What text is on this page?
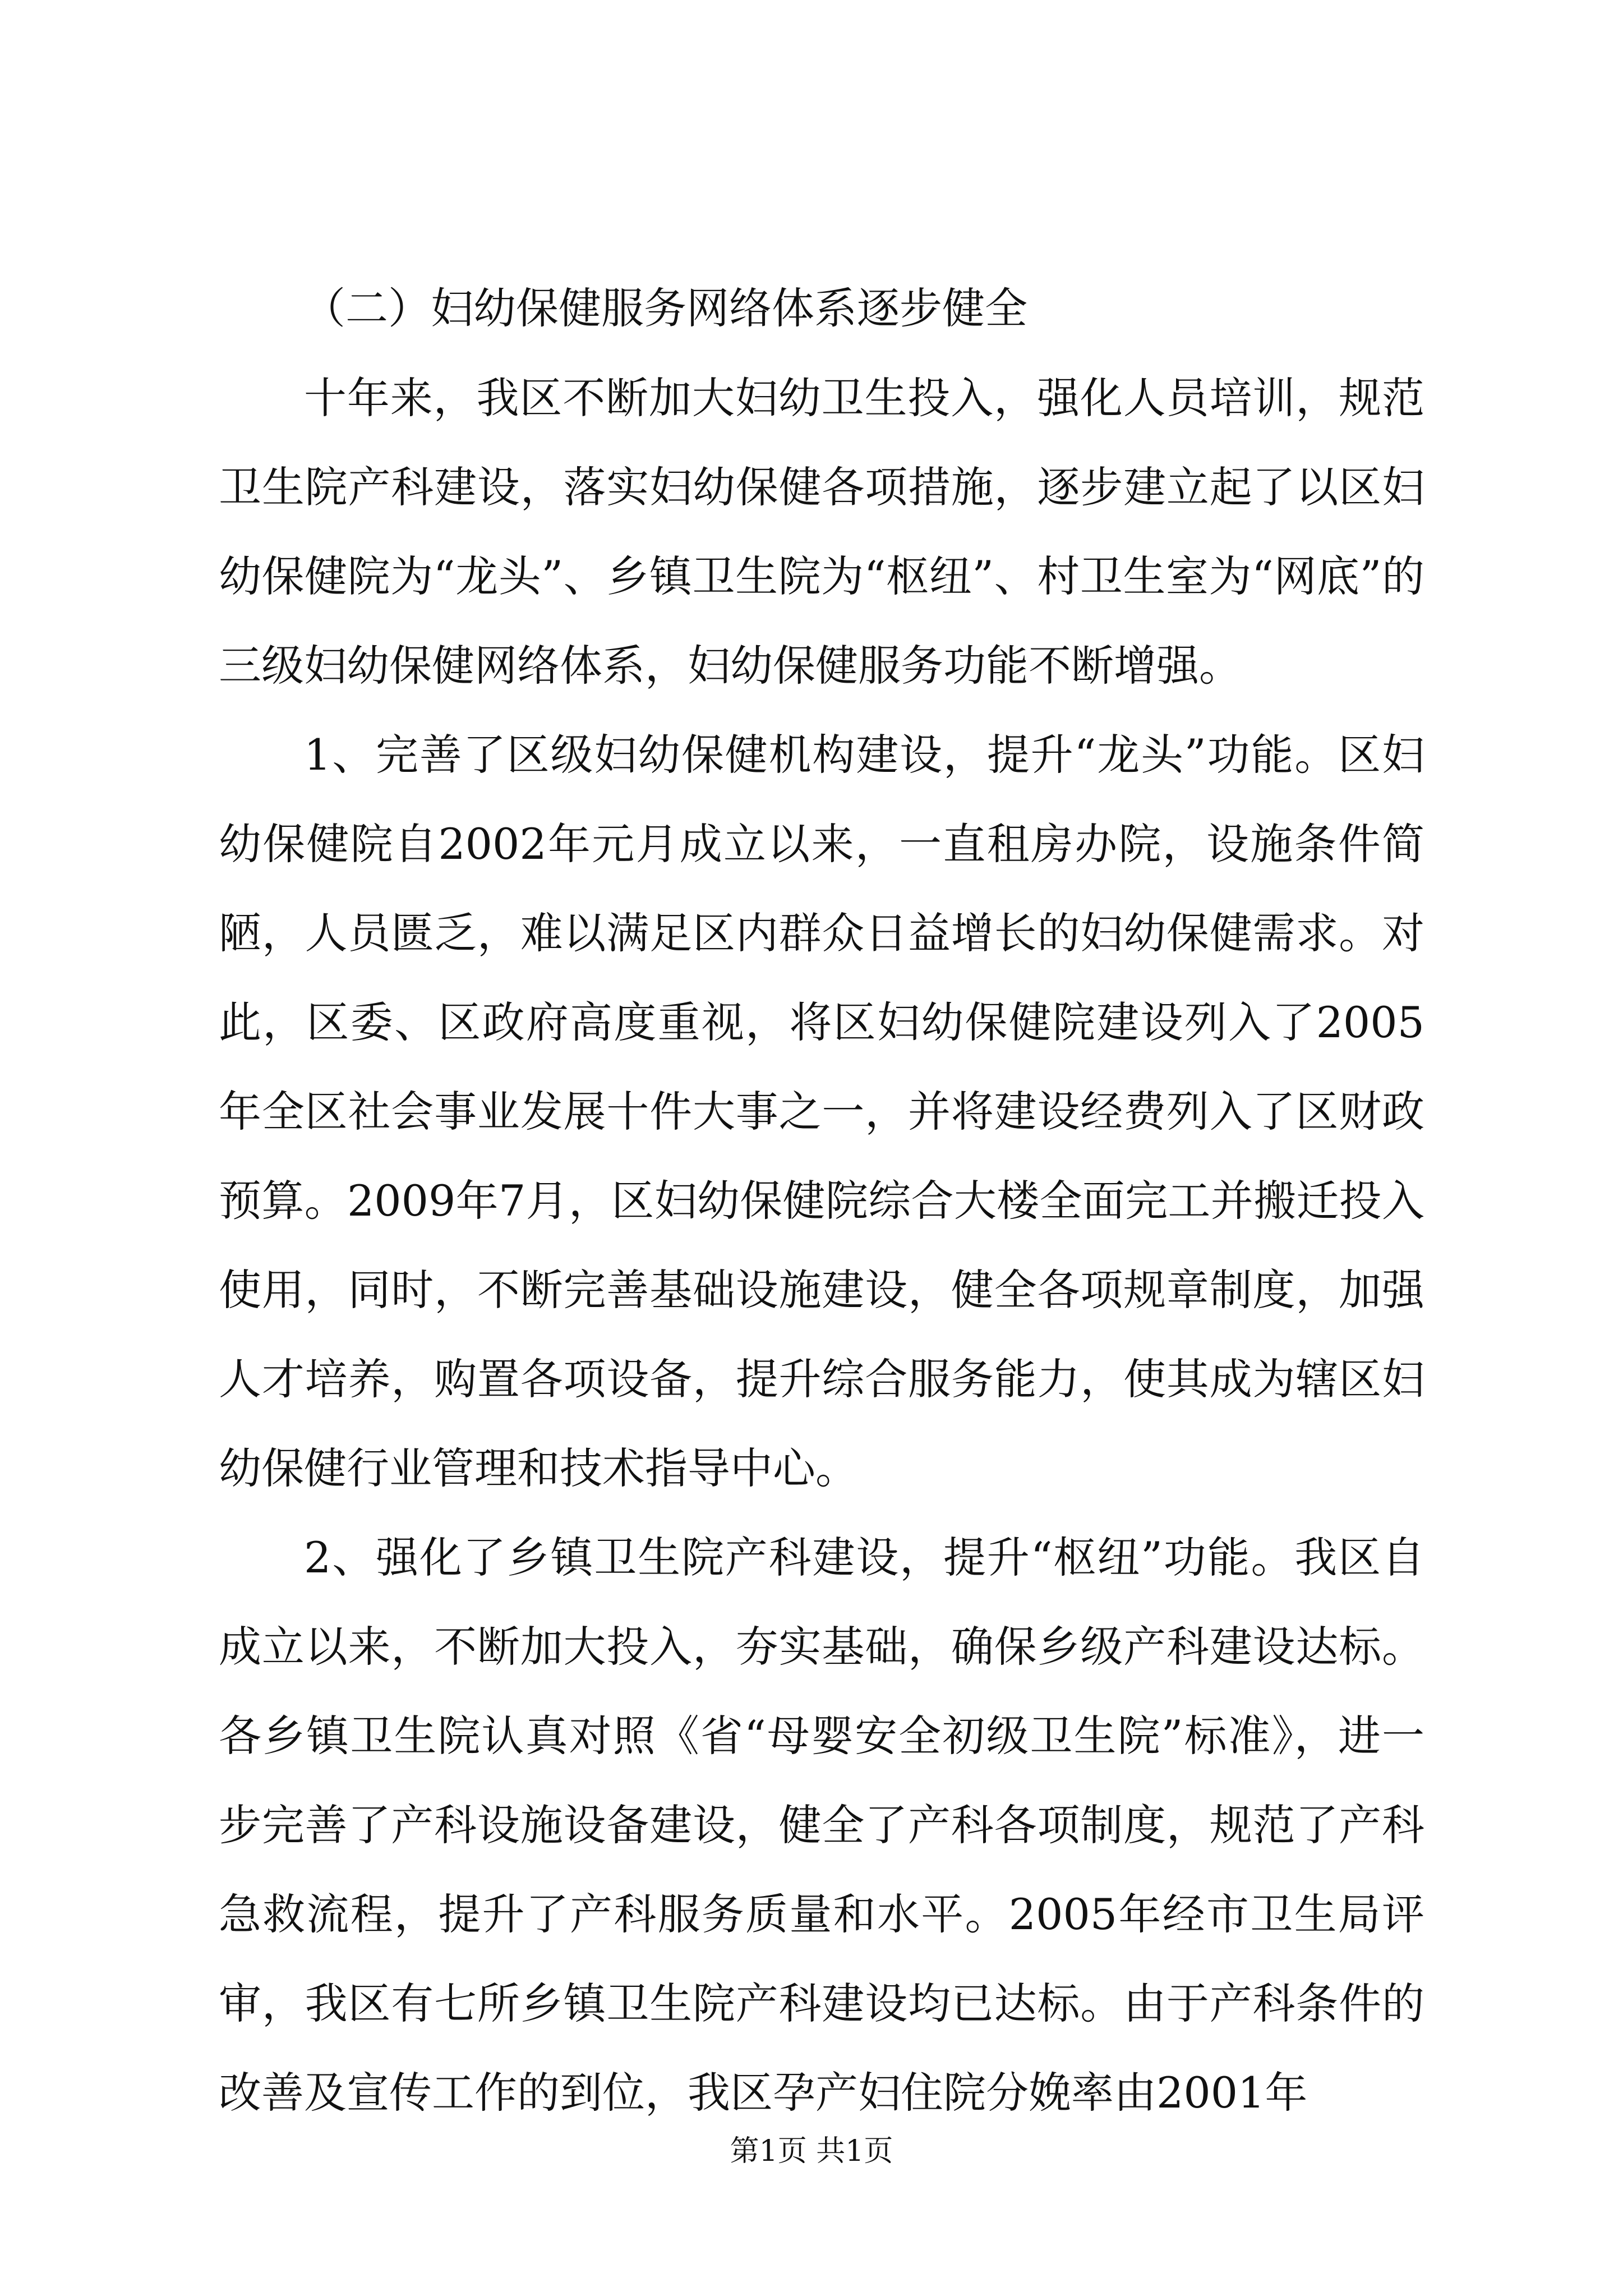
（二）妇幼保健服务网络体系逐步健全

十年来，我区不断加大妇幼卫生投入，强化人员培训，规范卫生院产科建设，落实妇幼保健各项措施，逐步建立起了以区妇幼保健院为“龙头”、乡镇卫生院为“枢纽”、村卫生室为“网底”的三级妇幼保健网络体系，妇幼保健服务功能不断增强。

1、完善了区级妇幼保健机构建设，提升“龙头”功能。区妇幼保健院自2002年元月成立以来，一直租房办院，设施条件简陋，人员匮乏，难以满足区内群众日益增长的妇幼保健需求。对此，区委、区政府高度重视，将区妇幼保健院建设列入了2005年全区社会事业发展十件大事之一，并将建设经费列入了区财政预算。2009年7月，区妇幼保健院综合大楼全面完工并搬迁投入使用，同时，不断完善基础设施建设，健全各项规章制度，加强人才培养，购置各项设备，提升综合服务能力，使其成为辖区妇幼保健行业管理和技术指导中心。

2、强化了乡镇卫生院产科建设，提升“枢纽”功能。我区自成立以来，不断加大投入，夯实基础，确保乡级产科建设达标。各乡镇卫生院认真对照《省“母婴安全初级卫生院”标准》，进一步完善了产科设施设备建设，健全了产科各项制度，规范了产科急救流程，提升了产科服务质量和水平。2005年经市卫生局评审，我区有七所乡镇卫生院产科建设均已达标。由于产科条件的改善及宣传工作的到位，我区孕产妇住院分娩率由2001年

第1页 共1页
